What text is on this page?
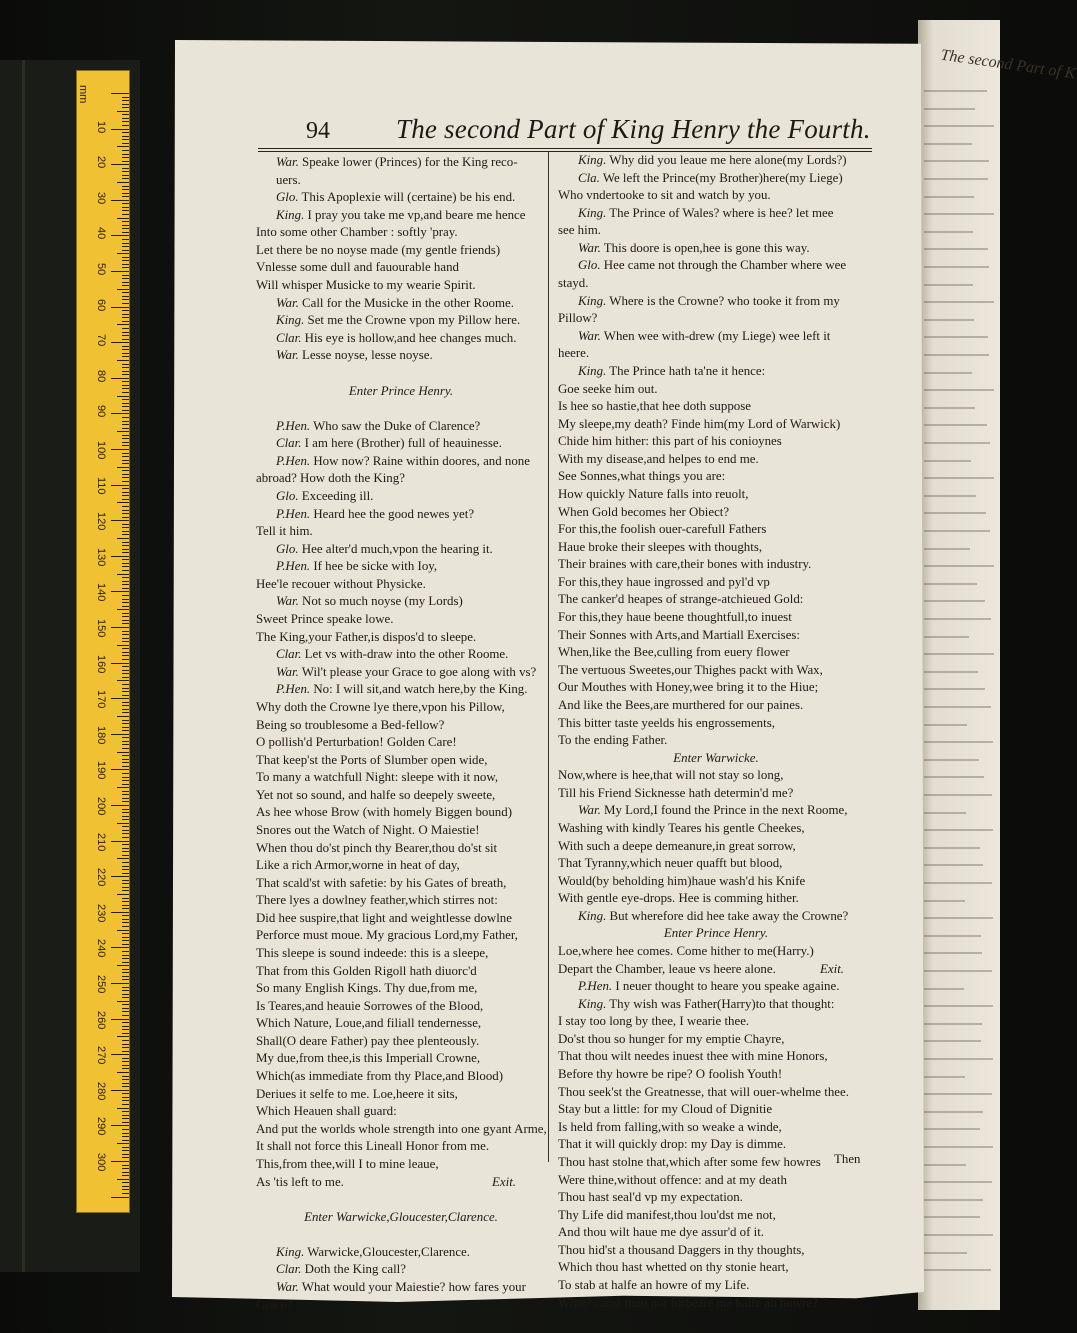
mm
10
20
30
40
50
60
70
80
90
100
110
120
130
140
150
160
170
180
190
200
210
220
230
240
250
260
270
280
290
300
The second Part of K
94 The second Part of King Henry the Fourth.
War. Speake lower (Princes) for the King reco-
uers.
Glo. This Apoplexie will (certaine) be his end.
King. I pray you take me vp,and beare me hence
Into some other Chamber : softly 'pray.
Let there be no noyse made (my gentle friends)
Vnlesse some dull and fauourable hand
Will whisper Musicke to my wearie Spirit.
War. Call for the Musicke in the other Roome.
King. Set me the Crowne vpon my Pillow here.
Clar. His eye is hollow,and hee changes much.
War. Lesse noyse, lesse noyse.
Enter Prince Henry.
P.Hen. Who saw the Duke of Clarence?
Clar. I am here (Brother) full of heauinesse.
P.Hen. How now? Raine within doores, and none
abroad? How doth the King?
Glo. Exceeding ill.
P.Hen. Heard hee the good newes yet?
Tell it him.
Glo. Hee alter'd much,vpon the hearing it.
P.Hen. If hee be sicke with Ioy,
Hee'le recouer without Physicke.
War. Not so much noyse (my Lords)
Sweet Prince speake lowe.
The King,your Father,is dispos'd to sleepe.
Clar. Let vs with-draw into the other Roome.
War. Wil't please your Grace to goe along with vs?
P.Hen. No: I will sit,and watch here,by the King.
Why doth the Crowne lye there,vpon his Pillow,
Being so troublesome a Bed-fellow?
O pollish'd Perturbation! Golden Care!
That keep'st the Ports of Slumber open wide,
To many a watchfull Night: sleepe with it now,
Yet not so sound, and halfe so deepely sweete,
As hee whose Brow (with homely Biggen bound)
Snores out the Watch of Night. O Maiestie!
When thou do'st pinch thy Bearer,thou do'st sit
Like a rich Armor,worne in heat of day,
That scald'st with safetie: by his Gates of breath,
There lyes a dowlney feather,which stirres not:
Did hee suspire,that light and weightlesse dowlne
Perforce must moue. My gracious Lord,my Father,
This sleepe is sound indeede: this is a sleepe,
That from this Golden Rigoll hath diuorc'd
So many English Kings. Thy due,from me,
Is Teares,and heauie Sorrowes of the Blood,
Which Nature, Loue,and filiall tendernesse,
Shall(O deare Father) pay thee plenteously.
My due,from thee,is this Imperiall Crowne,
Which(as immediate from thy Place,and Blood)
Deriues it selfe to me. Loe,heere it sits,
Which Heauen shall guard:
And put the worlds whole strength into one gyant Arme,
It shall not force this Lineall Honor from me.
This,from thee,will I to mine leaue,
Exit.
As 'tis left to me.
Enter Warwicke,Gloucester,Clarence.
King. Warwicke,Gloucester,Clarence.
Clar. Doth the King call?
War. What would your Maiestie? how fares your
Grace?
King. Why did you leaue me here alone(my Lords?)
Cla. We left the Prince(my Brother)here(my Liege)
Who vndertooke to sit and watch by you.
King. The Prince of Wales? where is hee? let mee
see him.
War. This doore is open,hee is gone this way.
Glo. Hee came not through the Chamber where wee
stayd.
King. Where is the Crowne? who tooke it from my
Pillow?
War. When wee with-drew (my Liege) wee left it
heere.
King. The Prince hath ta'ne it hence:
Goe seeke him out.
Is hee so hastie,that hee doth suppose
My sleepe,my death? Finde him(my Lord of Warwick)
Chide him hither: this part of his conioynes
With my disease,and helpes to end me.
See Sonnes,what things you are:
How quickly Nature falls into reuolt,
When Gold becomes her Obiect?
For this,the foolish ouer-carefull Fathers
Haue broke their sleepes with thoughts,
Their braines with care,their bones with industry.
For this,they haue ingrossed and pyl'd vp
The canker'd heapes of strange-atchieued Gold:
For this,they haue beene thoughtfull,to inuest
Their Sonnes with Arts,and Martiall Exercises:
When,like the Bee,culling from euery flower
The vertuous Sweetes,our Thighes packt with Wax,
Our Mouthes with Honey,wee bring it to the Hiue;
And like the Bees,are murthered for our paines.
This bitter taste yeelds his engrossements,
To the ending Father.
Enter Warwicke.
Now,where is hee,that will not stay so long,
Till his Friend Sicknesse hath determin'd me?
War. My Lord,I found the Prince in the next Roome,
Washing with kindly Teares his gentle Cheekes,
With such a deepe demeanure,in great sorrow,
That Tyranny,which neuer quafft but blood,
Would(by beholding him)haue wash'd his Knife
With gentle eye-drops. Hee is comming hither.
King. But wherefore did hee take away the Crowne?
Enter Prince Henry.
Loe,where hee comes. Come hither to me(Harry.)
Exit.
Depart the Chamber, leaue vs heere alone.
P.Hen. I neuer thought to heare you speake againe.
King. Thy wish was Father(Harry)to that thought:
I stay too long by thee, I wearie thee.
Do'st thou so hunger for my emptie Chayre,
That thou wilt needes inuest thee with mine Honors,
Before thy howre be ripe? O foolish Youth!
Thou seek'st the Greatnesse, that will ouer-whelme thee.
Stay but a little: for my Cloud of Dignitie
Is held from falling,with so weake a winde,
That it will quickly drop: my Day is dimme.
Thou hast stolne that,which after some few howres
Were thine,without offence: and at my death
Thou hast seal'd vp my expectation.
Thy Life did manifest,thou lou'dst me not,
And thou wilt haue me dye assur'd of it.
Thou hid'st a thousand Daggers in thy thoughts,
Which thou hast whetted on thy stonie heart,
To stab at halfe an howre of my Life.
What? canst thou not forbeare me halfe an howre?
Then
